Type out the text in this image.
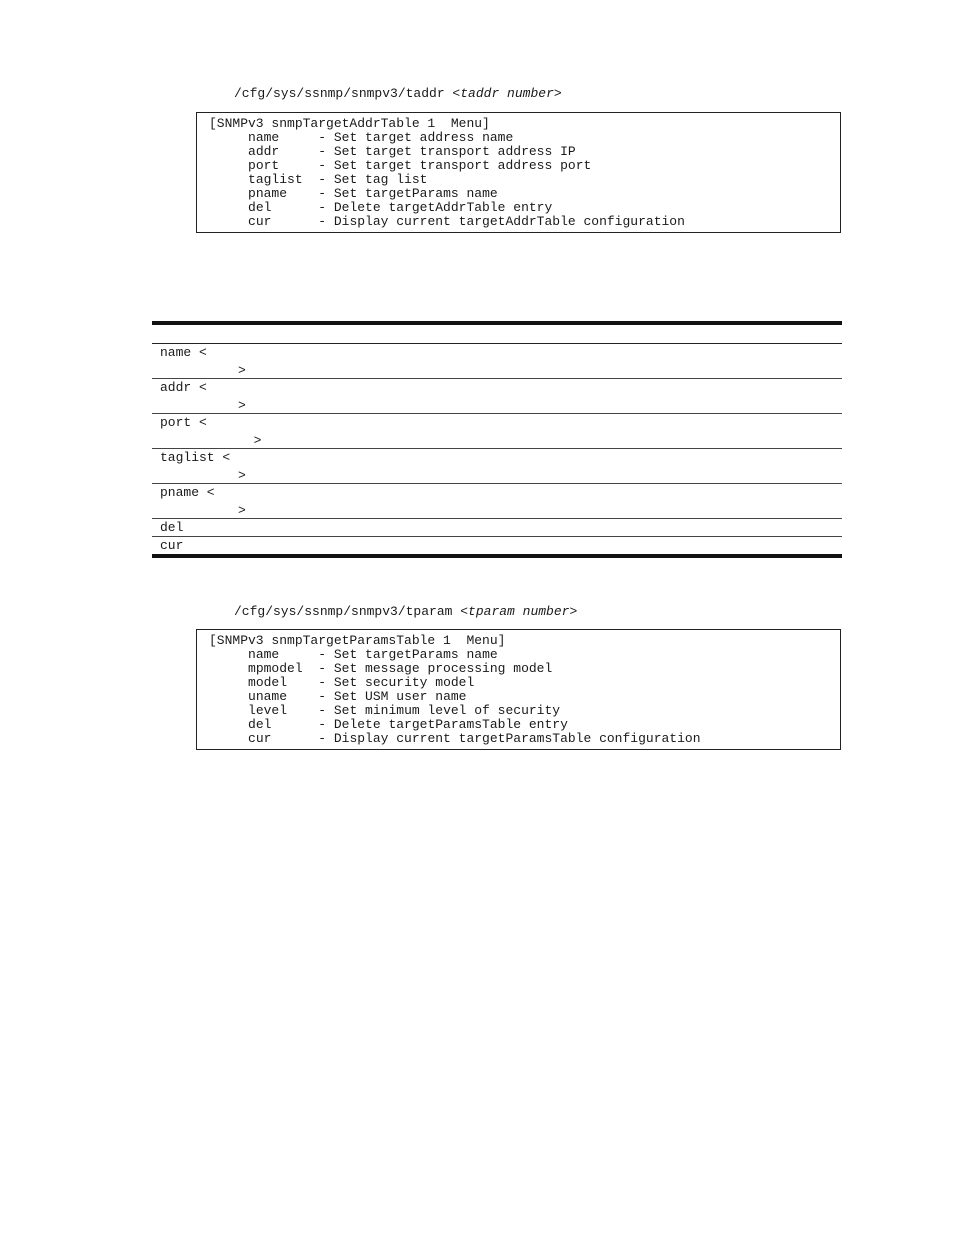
/cfg/sys/ssnmp/snmpv3/taddr <taddr number>
[SNMPv3 snmpTargetAddrTable 1  Menu]
name	- Set target address name
addr	- Set target transport address IP
port	- Set target transport address port
taglist - Set tag list
pname - Set targetParams name
del	- Delete targetAddrTable entry
cur	- Display current targetAddrTable configuration
name <
>
addr <
>
port <
>
taglist <
>
pname <
>
del
cur
/cfg/sys/ssnmp/snmpv3/tparam <tparam number>
[SNMPv3 snmpTargetParamsTable 1  Menu]
name	- Set targetParams name
mpmodel - Set message processing model
model - Set security model
uname - Set USM user name
level - Set minimum level of security
del	- Delete targetParamsTable entry
cur	- Display current targetParamsTable configuration
